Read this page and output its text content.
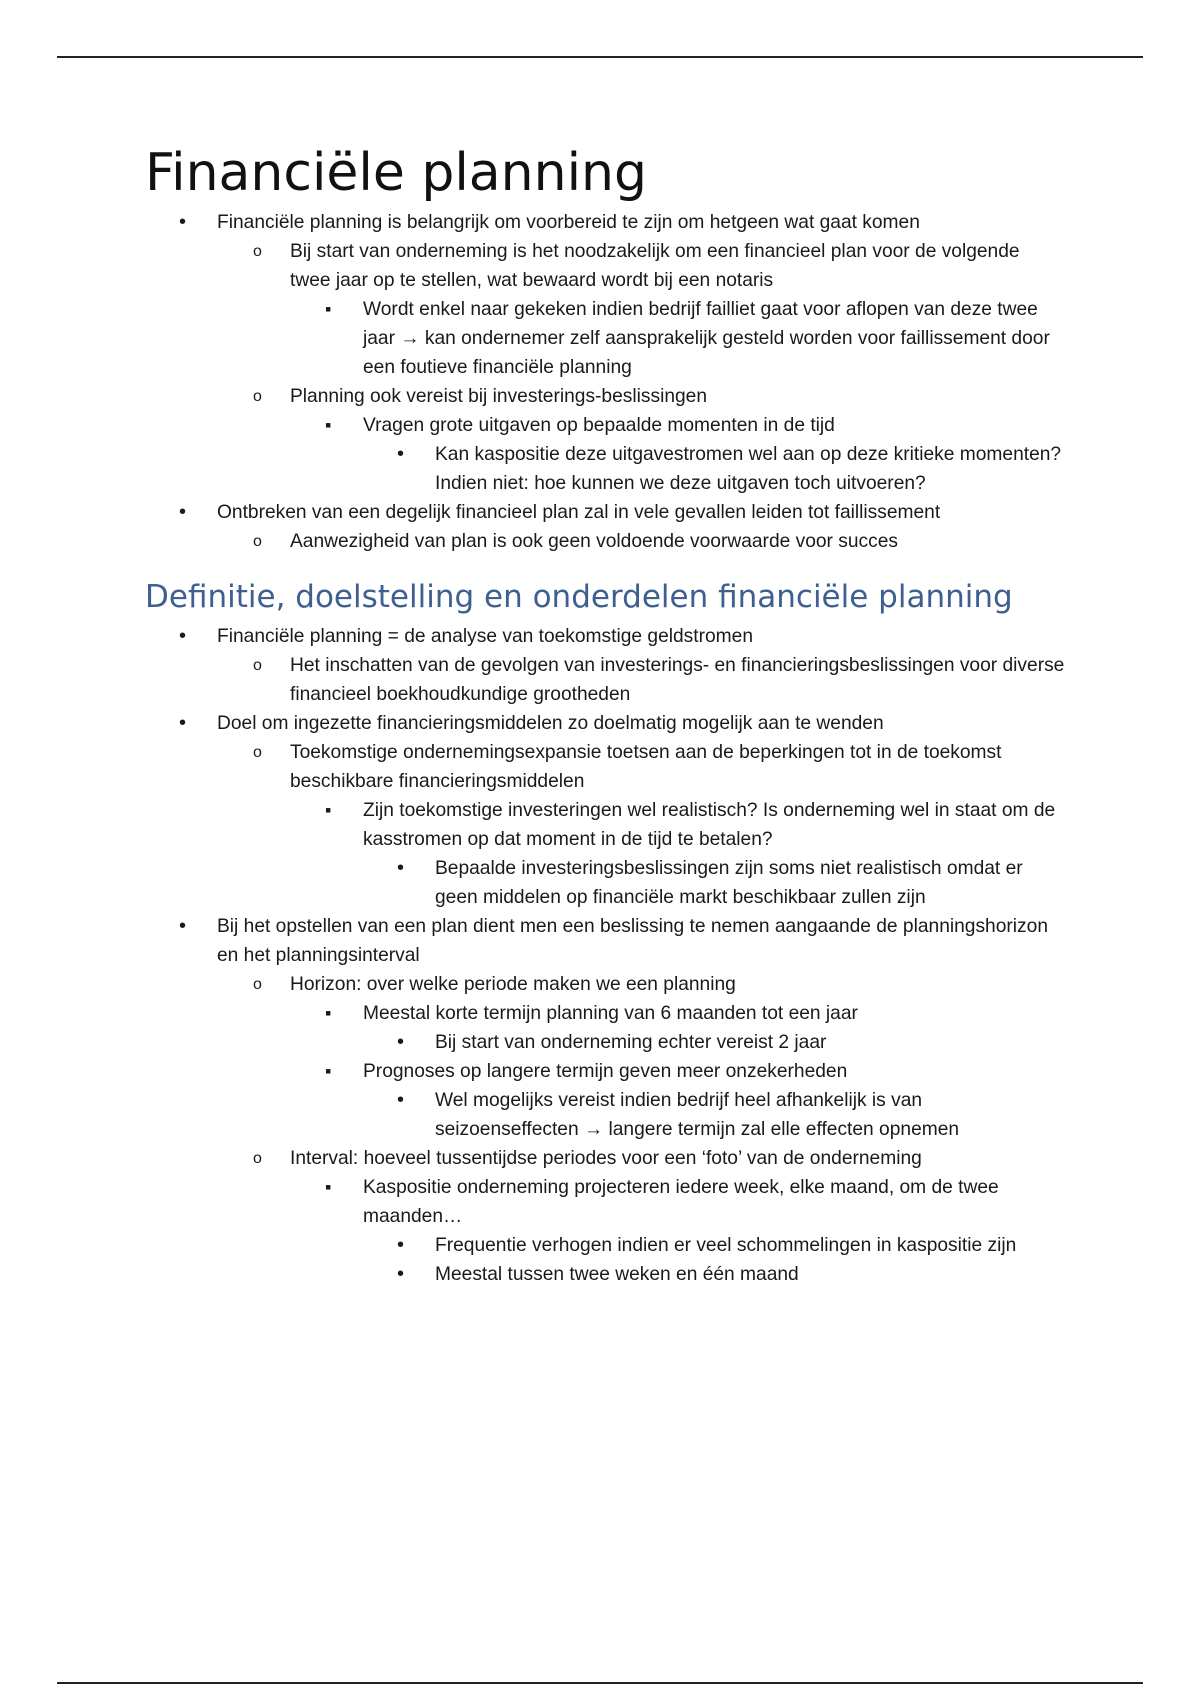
Financiële planning
• Financiële planning is belangrijk om voorbereid te zijn om hetgeen wat gaat komen
o Bij start van onderneming is het noodzakelijk om een financieel plan voor de volgende twee jaar op te stellen, wat bewaard wordt bij een notaris
▪ Wordt enkel naar gekeken indien bedrijf failliet gaat voor aflopen van deze twee jaar → kan ondernemer zelf aansprakelijk gesteld worden voor faillissement door een foutieve financiële planning
o Planning ook vereist bij investerings-beslissingen
▪ Vragen grote uitgaven op bepaalde momenten in de tijd
• Kan kaspositie deze uitgavestromen wel aan op deze kritieke momenten? Indien niet: hoe kunnen we deze uitgaven toch uitvoeren?
• Ontbreken van een degelijk financieel plan zal in vele gevallen leiden tot faillissement
o Aanwezigheid van plan is ook geen voldoende voorwaarde voor succes
Definitie, doelstelling en onderdelen financiële planning
• Financiële planning = de analyse van toekomstige geldstromen
o Het inschatten van de gevolgen van investerings- en financieringsbeslissingen voor diverse financieel boekhoudkundige grootheden
• Doel om ingezette financieringsmiddelen zo doelmatig mogelijk aan te wenden
o Toekomstige ondernemingsexpansie toetsen aan de beperkingen tot in de toekomst beschikbare financieringsmiddelen
▪ Zijn toekomstige investeringen wel realistisch? Is onderneming wel in staat om de kasstromen op dat moment in de tijd te betalen?
• Bepaalde investeringsbeslissingen zijn soms niet realistisch omdat er geen middelen op financiële markt beschikbaar zullen zijn
• Bij het opstellen van een plan dient men een beslissing te nemen aangaande de planningshorizon en het planningsinterval
o Horizon: over welke periode maken we een planning
▪ Meestal korte termijn planning van 6 maanden tot een jaar
• Bij start van onderneming echter vereist 2 jaar
▪ Prognoses op langere termijn geven meer onzekerheden
• Wel mogelijks vereist indien bedrijf heel afhankelijk is van seizoenseffecten → langere termijn zal elle effecten opnemen
o Interval: hoeveel tussentijdse periodes voor een ‘foto’ van de onderneming
▪ Kaspositie onderneming projecteren iedere week, elke maand, om de twee maanden…
• Frequentie verhogen indien er veel schommelingen in kaspositie zijn
• Meestal tussen twee weken en één maand
